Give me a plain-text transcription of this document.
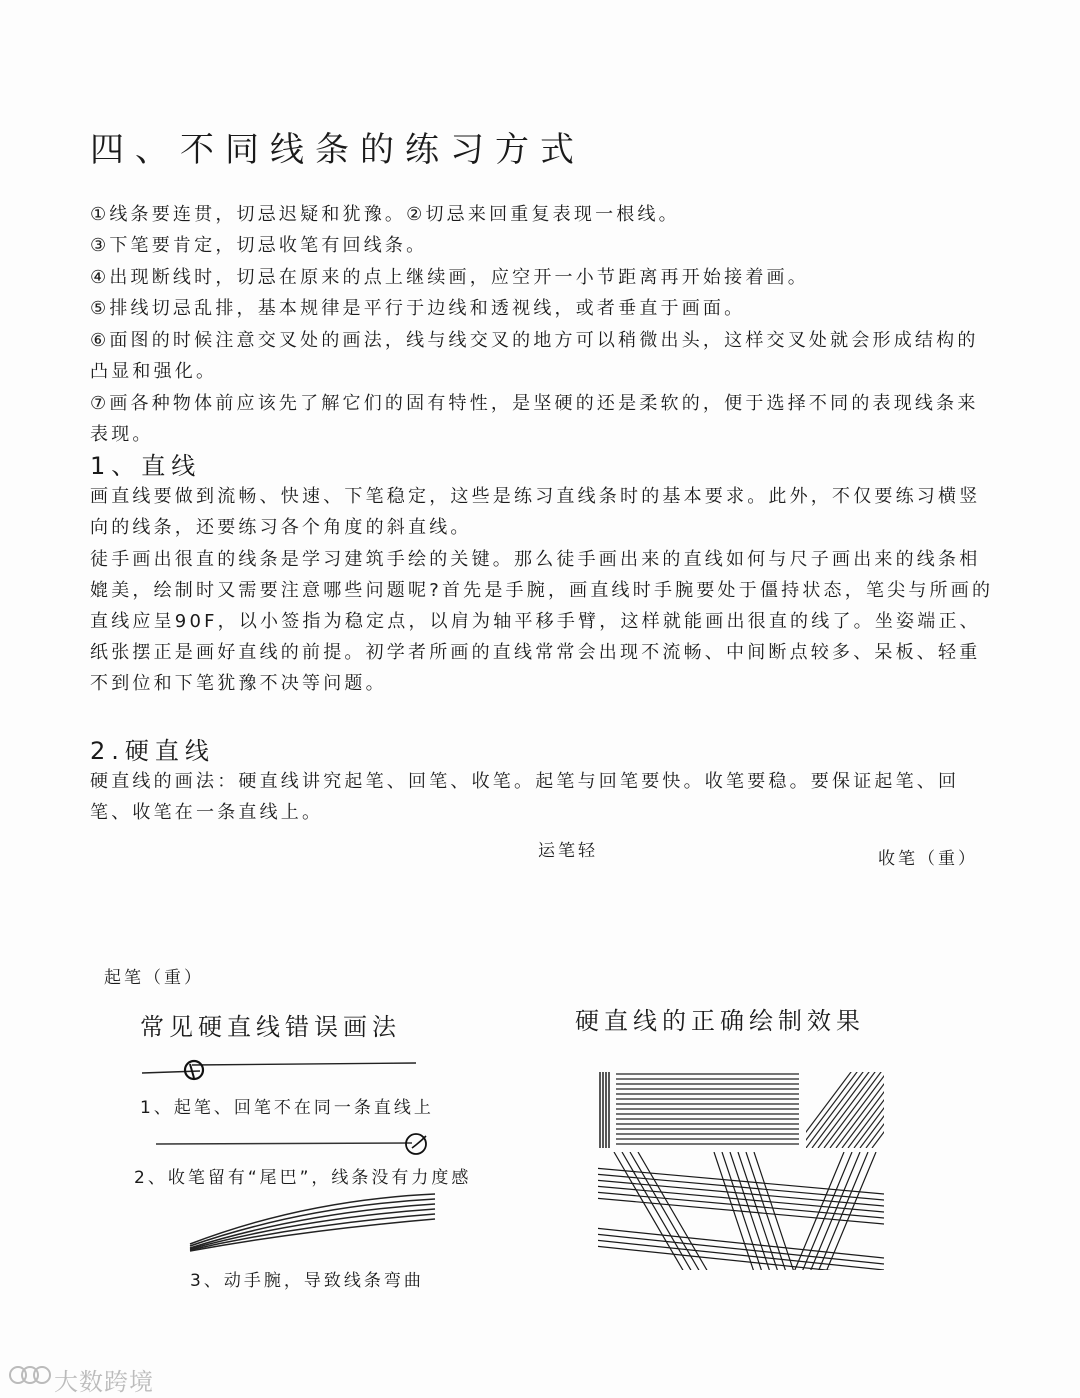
四、不同线条的练习方式
①线条要连贯，切忌迟疑和犹豫。②切忌来回重复表现一根线。
③下笔要肯定，切忌收笔有回线条。
④出现断线时，切忌在原来的点上继续画，应空开一小节距离再开始接着画。
⑤排线切忌乱排，基本规律是平行于边线和透视线，或者垂直于画面。
⑥面图的时候注意交叉处的画法，线与线交叉的地方可以稍微出头，这样交叉处就会形成结构的凸显和强化。
⑦画各种物体前应该先了解它们的固有特性，是坚硬的还是柔软的，便于选择不同的表现线条来表现。
1、直线
画直线要做到流畅、快速、下笔稳定，这些是练习直线条时的基本要求。此外，不仅要练习横竖向的线条，还要练习各个角度的斜直线。
徒手画出很直的线条是学习建筑手绘的关键。那么徒手画出来的直线如何与尺子画出来的线条相媲美，绘制时又需要注意哪些问题呢?首先是手腕，画直线时手腕要处于僵持状态，笔尖与所画的直线应呈90F，以小签指为稳定点，以肩为轴平移手臂，这样就能画出很直的线了。坐姿端正、纸张摆正是画好直线的前提。初学者所画的直线常常会出现不流畅、中间断点较多、呆板、轻重不到位和下笔犹豫不决等问题。
2.硬直线
硬直线的画法：硬直线讲究起笔、回笔、收笔。起笔与回笔要快。收笔要稳。要保证起笔、回笔、收笔在一条直线上。
运笔轻	收笔（重）
起笔（重）
常见硬直线错误画法
1、起笔、回笔不在同一条直线上
2、收笔留有“尾巴”，线条没有力度感
3、动手腕，导致线条弯曲
硬直线的正确绘制效果
大数跨境
